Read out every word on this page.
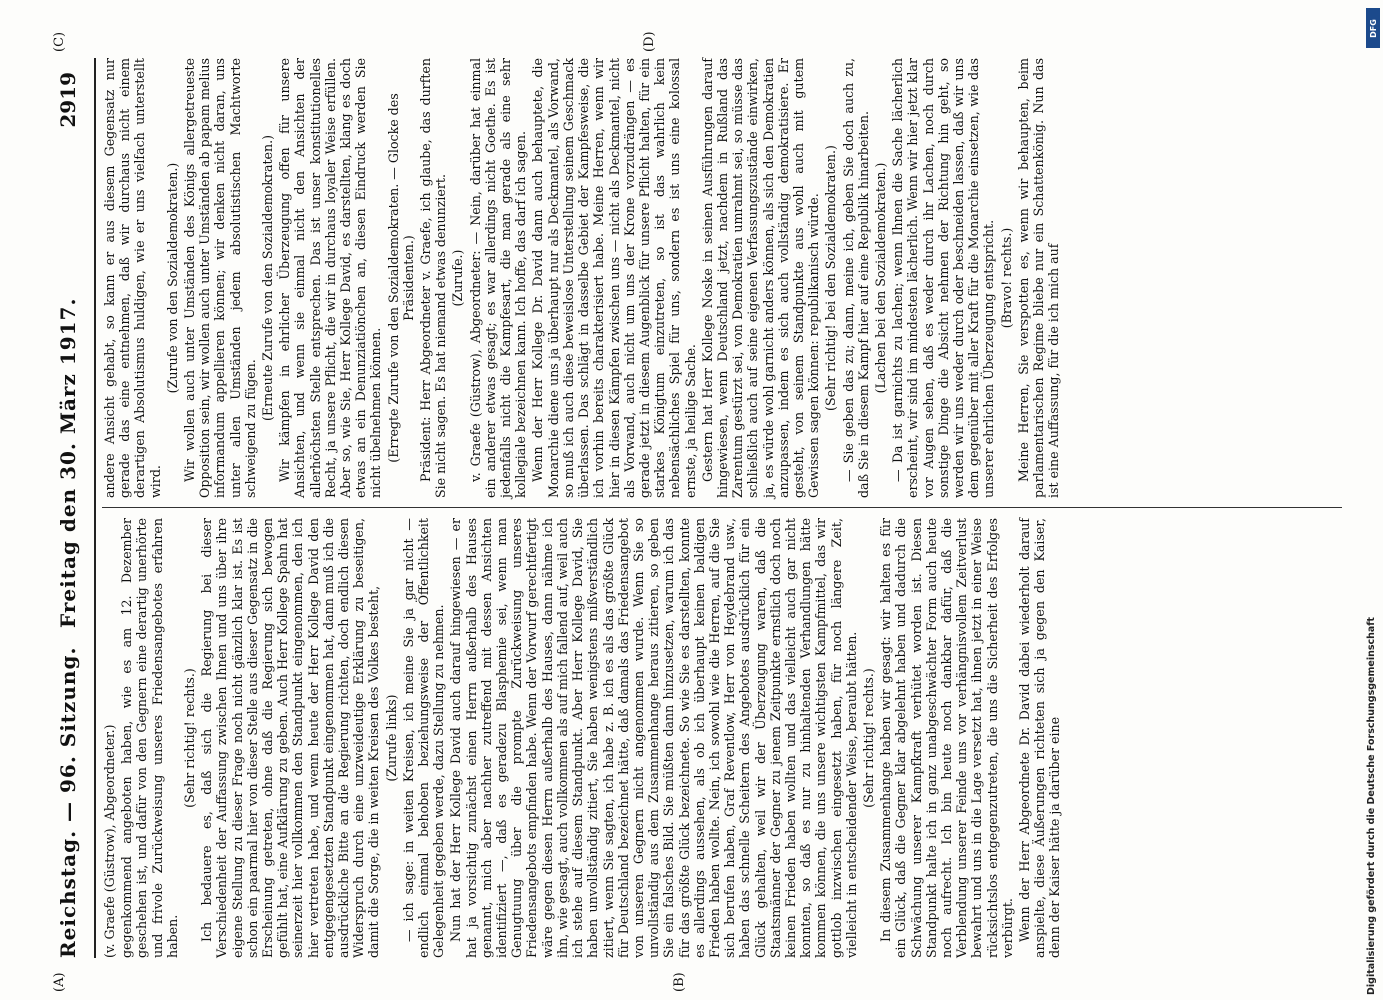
Reichstag. — 96. Sitzung.
Freitag den 30. März 1917.
2919
(A)	(B)
(C)	(D)

(v. Graefe (Güstrow), Abgeordneter.) gegenkommend angeboten haben, wie es am 12. Dezember geschehen ist, und dafür von den Gegnern eine derartig unerhörte und frivole Zurückweisung unseres Friedensangebotes erfahren haben.

(Sehr richtig! rechts.) Ich bedauere es, daß sich die Regierung bei dieser Verschiedenheit der Auffassung zwischen Ihnen und uns über ihre eigene Stellung zu dieser Frage noch nicht gänzlich klar ist. Es ist schon ein paarmal hier von dieser Stelle aus dieser Gegensatz in die Erscheinung getreten, ohne daß die Regierung sich bewogen gefühlt hat, eine Aufklärung zu geben. Auch Herr Kollege Spahn hat seinerzeit hier vollkommen den Standpunkt eingenommen, den ich hier vertreten habe, und wenn heute der Herr Kollege David den entgegengesetzten Standpunkt eingenommen hat, dann muß ich die ausdrückliche Bitte an die Regierung richten, doch endlich diesen Widerspruch durch eine unzweideutige Erklärung zu beseitigen, damit die Sorge, die in weiten Kreisen des Volkes besteht, (Zurufe links) — ich sage: in weiten Kreisen, ich meine Sie ja gar nicht — endlich einmal behoben beziehungsweise der Öffentlichkeit Gelegenheit gegeben werde, dazu Stellung zu nehmen. Nun hat der Herr Kollege David auch darauf hingewiesen — er hat ja vorsichtig zunächst einen Herrn außerhalb des Hauses genannt, mich aber nachher zutreffend mit dessen Ansichten identifiziert —, daß es geradezu Blasphemie sei, wenn man Genugtuung über die prompte Zurückweisung unseres Friedensangebots empfinden habe. Wenn der Vorwurf gerechtfertigt wäre gegen diesen Herrn außerhalb des Hauses, dann nähme ich ihn, wie gesagt, auch vollkommen als auf mich fallend auf, weil auch ich stehe auf diesem Standpunkt. Aber Herr Kollege David, Sie haben unvollständig zitiert, Sie haben wenigstens mißverständlich zitiert, wenn Sie sagten, ich habe z. B. ich es als das größte Glück für Deutschland bezeichnet hätte, daß damals das Friedensangebot von unseren Gegnern nicht angenommen wurde. Wenn Sie so unvollständig aus dem Zusammenhange heraus zitieren, so geben Sie ein falsches Bild. Sie müßten dann hinzusetzen, warum ich das für das größte Glück bezeichnete. So wie Sie es darstellten, konnte es allerdings aussehen, als ob ich überhaupt keinen baldigen Frieden haben wollte. Nein, ich sowohl wie die Herren, auf die Sie sich berufen haben, Graf Reventlow, Herr von Heydebrand usw., haben das schnelle Scheitern des Angebotes ausdrücklich für ein Glück gehalten, weil wir der Überzeugung waren, daß die Staatsmänner der Gegner zu jenem Zeitpunkte ernstlich doch noch keinen Frieden haben wollten und das vielleicht auch gar nicht konnten, so daß es nur zu hinhaltenden Verhandlungen hätte kommen können, die uns unsere wichtigsten Kampfmittel, das wir gottlob inzwischen eingesetzt haben, für noch längere Zeit, vielleicht in entscheidender Weise, beraubt hätten. (Sehr richtig! rechts.) In diesem Zusammenhange haben wir gesagt: wir halten es für ein Glück, daß die Gegner klar abgelehnt haben und dadurch die Schwächung unserer Kampfkraft verhütet worden ist. Diesen Standpunkt halte ich in ganz unabgeschwächter Form auch heute noch aufrecht. Ich bin heute noch dankbar dafür, daß die Verblendung unserer Feinde uns vor verhängnisvollem Zeitverlust bewahrt und uns in die Lage versetzt hat, ihnen jetzt in einer Weise rücksichtslos entgegenzutreten, die uns die Sicherheit des Erfolges verbürgt. Wenn der Herr Abgeordnete Dr. David dabei wiederholt darauf anspielte, diese Äußerungen richteten sich ja gegen den Kaiser, denn der Kaiser hätte ja darüber eine

andere Ansicht gehabt, so kann er aus diesem Gegensatz nur gerade das eine entnehmen, daß wir durchaus nicht einem derartigen Absolutismus huldigen, wie er uns vielfach unterstellt wird.

(Zurufe von den Sozialdemokraten.) Wir wollen auch unter Umständen des Königs allergetreueste Opposition sein, wir wollen auch unter Umständen ab papam melius informandum appellieren können; wir denken nicht daran, uns unter allen Umständen jedem absolutistischen Machtworte schweigend zu fügen.

(Erneute Zurufe von den Sozialdemokraten.) Wir kämpfen in ehrlicher Überzeugung offen für unsere Ansichten, und wenn sie einmal nicht den Ansichten der allerhöchsten Stelle entsprechen. Das ist unser konstitutionelles Recht, ja unsere Pflicht, die wir in durchaus loyaler Weise erfüllen. Aber so, wie Sie, Herr Kollege David, es darstellten, klang es doch etwas an ein Denunziatiönchen an, diesen Eindruck werden Sie nicht übelnehmen können. (Erregte Zurufe von den Sozialdemokraten. — Glocke des Präsidenten.) Präsident: Herr Abgeordneter v. Graefe, ich glaube, das durften Sie nicht sagen. Es hat niemand etwas denunziert. (Zurufe.) v. Graefe (Güstrow), Abgeordneter: — Nein, darüber hat einmal ein anderer etwas gesagt; es war allerdings nicht Goethe. Es ist jedenfalls nicht die Kampfesart, die man gerade als eine sehr kollegiale bezeichnen kann. Ich hoffe, das darf ich sagen. Wenn der Herr Kollege Dr. David dann auch behauptete, die Monarchie diene uns ja überhaupt nur als Deckmantel, als Vorwand, so muß ich auch diese beweislose Unterstellung seinem Geschmack überlassen. Das schlägt in dasselbe Gebiet der Kampfesweise, die ich vorhin bereits charakterisiert habe. Meine Herren, wenn wir hier in diesen Kämpfen zwischen uns — nicht als Deckmantel, nicht als Vorwand, auch nicht um uns der Krone vorzudrängen — es gerade jetzt in diesem Augenblick für unsere Pflicht halten, für ein starkes Königtum einzutreten, so ist das wahrlich kein nebensächliches Spiel für uns, sondern es ist uns eine kolossal ernste, ja heilige Sache. Gestern hat Herr Kollege Noske in seinen Ausführungen darauf hingewiesen, wenn Deutschland jetzt, nachdem in Rußland das Zarentum gestürzt sei, von Demokratien umrahmt sei, so müsse das schließlich auch auf seine eigenen Verfassungszustände einwirken, ja, es würde wohl garnicht anders können, als sich den Demokratien anzupassen, indem es sich auch vollständig demokratisiere. Er gesteht, von seinem Standpunkte aus wohl auch mit gutem Gewissen sagen können: republikanisch würde. (Sehr richtig! bei den Sozialdemokraten.) — Sie geben das zu; dann, meine ich, geben Sie doch auch zu, daß Sie in diesem Kampf hier auf eine Republik hinarbeiten. (Lachen bei den Sozialdemokraten.) — Da ist garnichts zu lachen; wenn Ihnen die Sache lächerlich erscheint, wir sind im mindesten lächerlich. Wenn wir hier jetzt klar vor Augen sehen, daß es weder durch ihr Lachen, noch durch sonstige Dinge die Absicht nehmen der Richtung hin geht, so werden wir uns weder durch oder beschneiden lassen, daß wir uns dem gegenüber mit aller Kraft für die Monarchie einsetzen, wie das unserer ehrlichen Überzeugung entspricht. (Bravo! rechts.) Meine Herren, Sie verspotten es, wenn wir behaupten, beim parlamentarischen Regime bliebe nur ein Schattenkönig. Nun das ist eine Auffassung, für die ich mich auf

DFG
Digitalisierung gefördert durch die Deutsche Forschungsgemeinschaft
